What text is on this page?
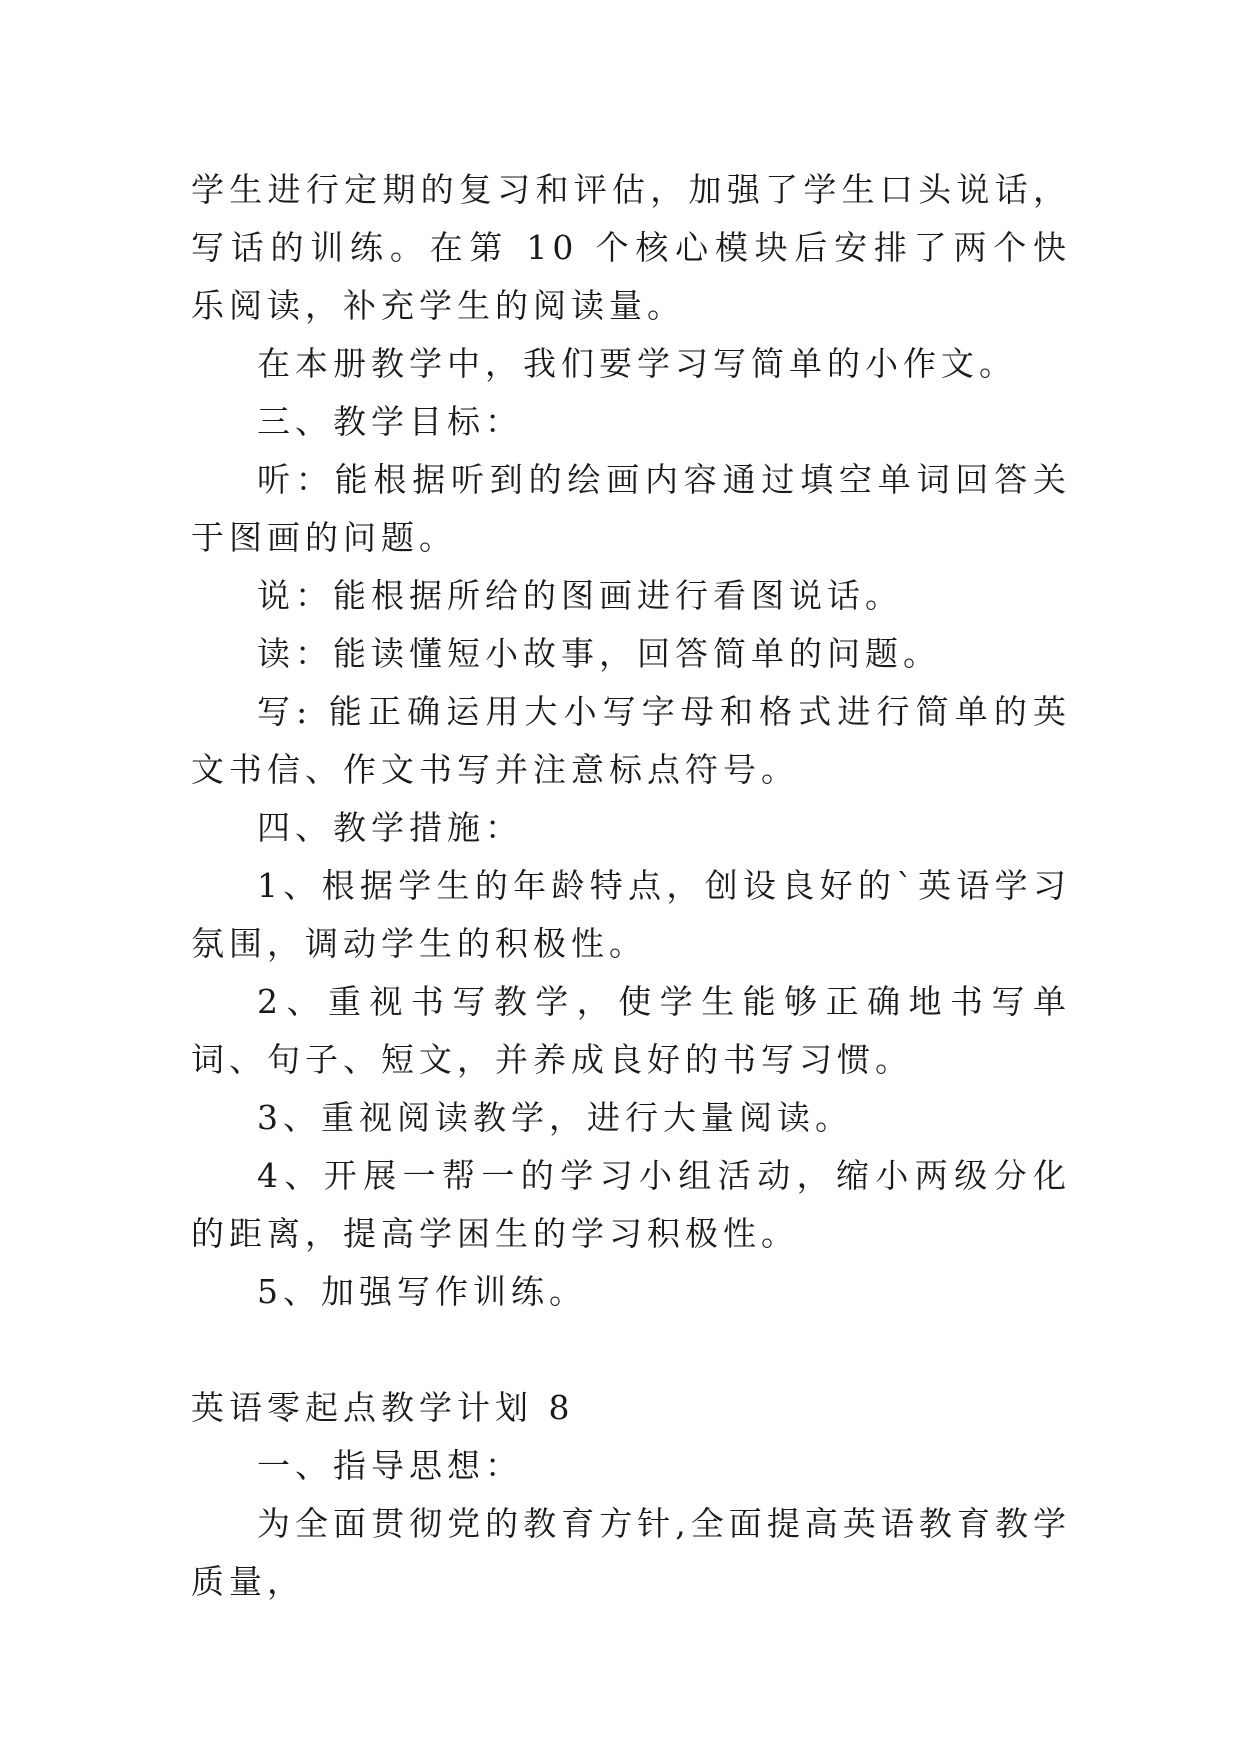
学生进行定期的复习和评估，加强了学生口头说话，写话的训练。在第 10 个核心模块后安排了两个快乐阅读，补充学生的阅读量。

在本册教学中，我们要学习写简单的小作文。

三、教学目标：

听：能根据听到的绘画内容通过填空单词回答关于图画的问题。

说：能根据所给的图画进行看图说话。

读：能读懂短小故事，回答简单的问题。

写: 能正确运用大小写字母和格式进行简单的英文书信、作文书写并注意标点符号。

四、教学措施：

1、根据学生的年龄特点，创设良好的`英语学习氛围，调动学生的积极性。

2、重视书写教学，使学生能够正确地书写单词、句子、短文，并养成良好的书写习惯。

3、重视阅读教学，进行大量阅读。

4、开展一帮一的学习小组活动，缩小两级分化的距离，提高学困生的学习积极性。

5、加强写作训练。

英语零起点教学计划 8

一、指导思想：

为全面贯彻党的教育方针,全面提高英语教育教学质量，
